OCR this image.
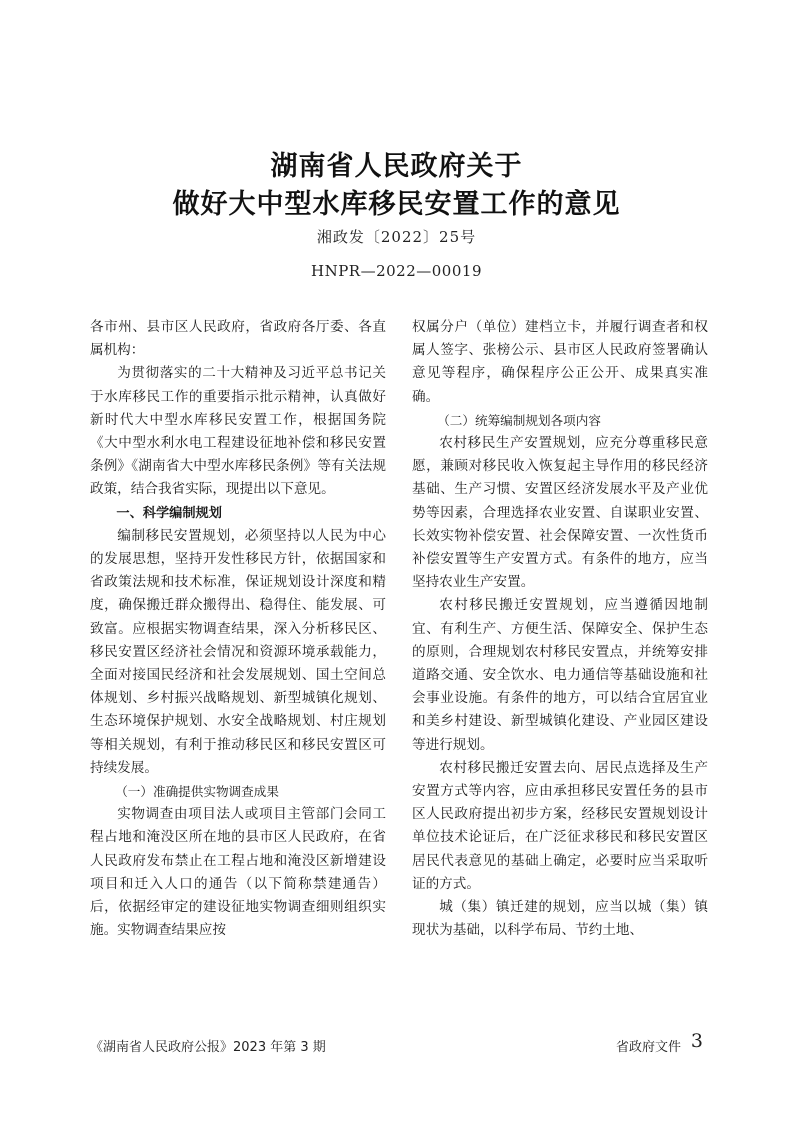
湖南省人民政府关于
做好大中型水库移民安置工作的意见
湘政发〔2022〕25号
HNPR—2022—00019

各市州、县市区人民政府，省政府各厅委、各直属机构：

为贯彻落实的二十大精神及习近平总书记关于水库移民工作的重要指示批示精神，认真做好新时代大中型水库移民安置工作，根据国务院《大中型水利水电工程建设征地补偿和移民安置条例》《湖南省大中型水库移民条例》等有关法规政策，结合我省实际，现提出以下意见。

一、科学编制规划

编制移民安置规划，必须坚持以人民为中心的发展思想，坚持开发性移民方针，依据国家和省政策法规和技术标准，保证规划设计深度和精度，确保搬迁群众搬得出、稳得住、能发展、可致富。应根据实物调查结果，深入分析移民区、移民安置区经济社会情况和资源环境承载能力，全面对接国民经济和社会发展规划、国土空间总体规划、乡村振兴战略规划、新型城镇化规划、生态环境保护规划、水安全战略规划、村庄规划等相关规划，有利于推动移民区和移民安置区可持续发展。

（一）准确提供实物调查成果

实物调查由项目法人或项目主管部门会同工程占地和淹没区所在地的县市区人民政府，在省人民政府发布禁止在工程占地和淹没区新增建设项目和迁入人口的通告（以下简称禁建通告）后，依据经审定的建设征地实物调查细则组织实施。实物调查结果应按

权属分户（单位）建档立卡，并履行调查者和权属人签字、张榜公示、县市区人民政府签署确认意见等程序，确保程序公正公开、成果真实准确。

（二）统筹编制规划各项内容

农村移民生产安置规划，应充分尊重移民意愿，兼顾对移民收入恢复起主导作用的移民经济基础、生产习惯、安置区经济发展水平及产业优势等因素，合理选择农业安置、自谋职业安置、长效实物补偿安置、社会保障安置、一次性货币补偿安置等生产安置方式。有条件的地方，应当坚持农业生产安置。

农村移民搬迁安置规划，应当遵循因地制宜、有利生产、方便生活、保障安全、保护生态的原则，合理规划农村移民安置点，并统筹安排道路交通、安全饮水、电力通信等基础设施和社会事业设施。有条件的地方，可以结合宜居宜业和美乡村建设、新型城镇化建设、产业园区建设等进行规划。

农村移民搬迁安置去向、居民点选择及生产安置方式等内容，应由承担移民安置任务的县市区人民政府提出初步方案，经移民安置规划设计单位技术论证后，在广泛征求移民和移民安置区居民代表意见的基础上确定，必要时应当采取听证的方式。

城（集）镇迁建的规划，应当以城（集）镇现状为基础，以科学布局、节约土地、

《湖南省人民政府公报》2023 年第 3 期	省政府文件 3
